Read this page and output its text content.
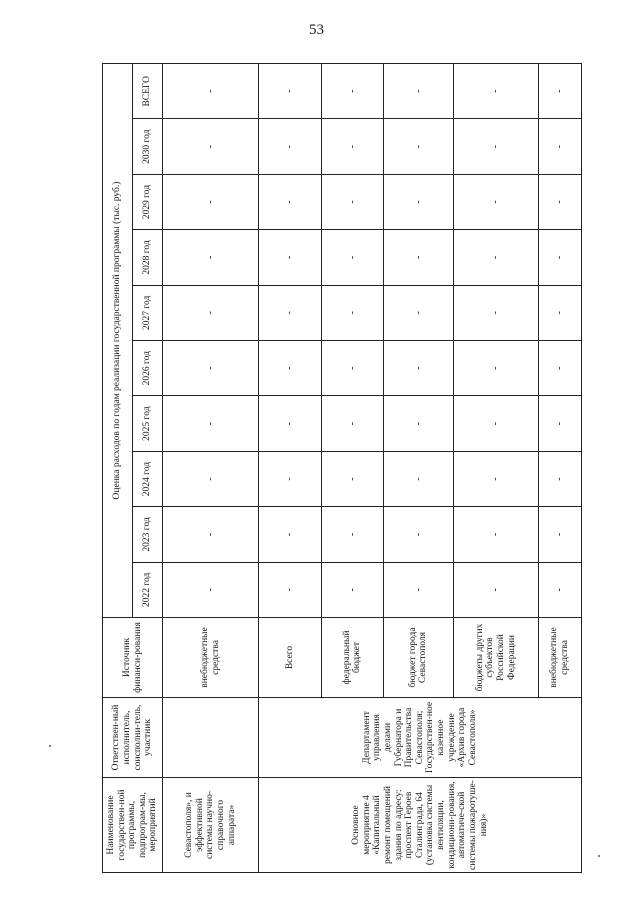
53
Наименование государствен-ной программы, подпрограм-мы, мероприятий	Ответствен-ный исполнитель, соисполни-тель, участник	Источник финанси-рования	Оценка расходов по годам реализации государственной программы (тыс. руб.)									
			2022 год	2023 год	2024 год	2025 год	2026 год	2027 год	2028 год	2029 год	2030 год	ВСЕГО
Севастополя», и эффективной системы научно-справочного аппарата»		внебюджетные средства	-	-	-	-	-	-	-	-	-	-
Основное мероприятие 4 «Капитальный ремонт помещений здания по адресу: проспект Героев Сталинграда, 64 (установка системы вентиляции, кондициони-рования, автоматиче-ской системы пожаротуше-ния)»	Департамент управления делами Губернатора и Правительства Севастополя; Государствен-ное казенное учреждение «Архив города Севастополя»	Всего	-	-	-	-	-	-	-	-	-	-
		федеральный бюджет	-	-	-	-	-	-	-	-	-	-
		бюджет города Севастополя	-	-	-	-	-	-	-	-	-	-
		бюджеты других субъектов Российской Федерации	-	-	-	-	-	-	-	-	-	-
		внебюджетные средства	-	-	-	-	-	-	-	-	-	-
